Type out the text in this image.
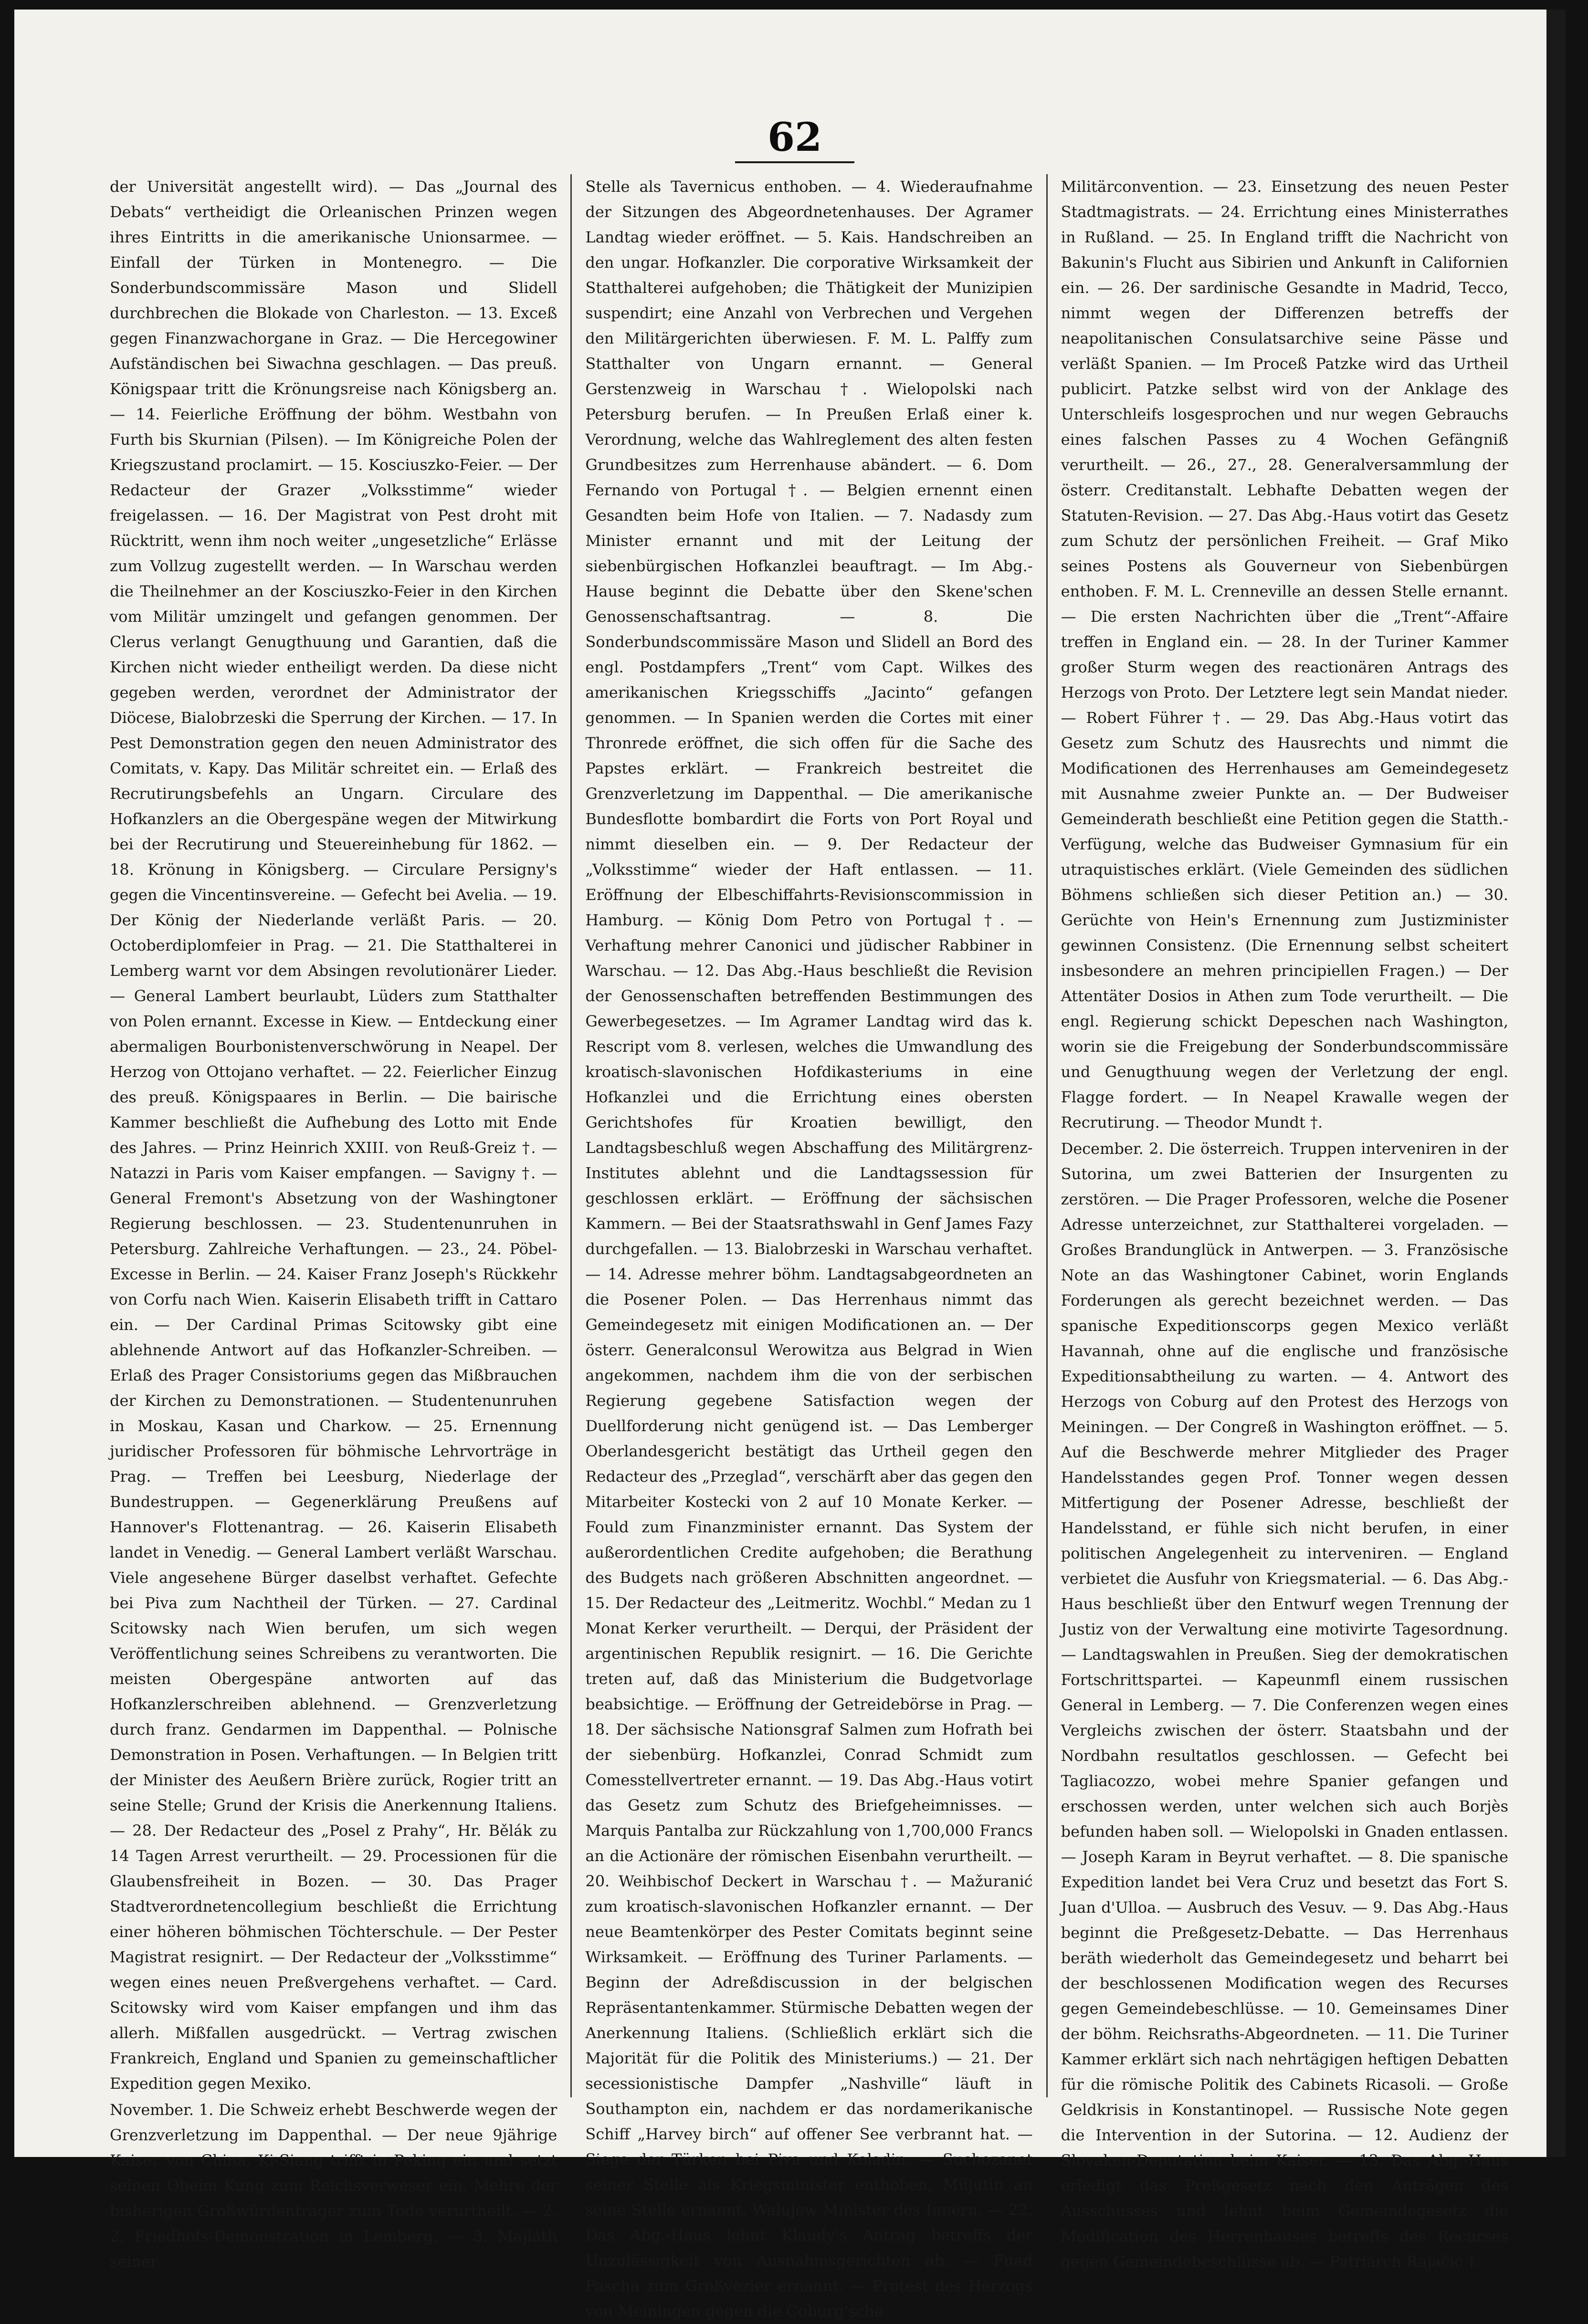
62

der Universität angestellt wird). — Das „Journal des Debats“ vertheidigt die Orleanischen Prinzen wegen ihres Eintritts in die amerikanische Unionsarmee. — Einfall der Türken in Montenegro. — Die Sonderbundscommissäre Mason und Slidell durchbrechen die Blokade von Charleston. — 13. Exceß gegen Finanzwachorgane in Graz. — Die Hercegowiner Aufständischen bei Siwachna geschlagen. — Das preuß. Königspaar tritt die Krönungsreise nach Königsberg an. — 14. Feierliche Eröffnung der böhm. Westbahn von Furth bis Skurnian (Pilsen). — Im Königreiche Polen der Kriegszustand proclamirt. — 15. Kosciuszko-Feier. — Der Redacteur der Grazer „Volksstimme“ wieder freigelassen. — 16. Der Magistrat von Pest droht mit Rücktritt, wenn ihm noch weiter „ungesetzliche“ Erlässe zum Vollzug zugestellt werden. — In Warschau werden die Theilnehmer an der Kosciuszko-Feier in den Kirchen vom Militär umzingelt und gefangen genommen. Der Clerus verlangt Genugthuung und Garantien, daß die Kirchen nicht wieder entheiligt werden. Da diese nicht gegeben werden, verordnet der Administrator der Diöcese, Bialobrzeski die Sperrung der Kirchen. — 17. In Pest Demonstration gegen den neuen Administrator des Comitats, v. Kapy. Das Militär schreitet ein. — Erlaß des Recrutirungsbefehls an Ungarn. Circulare des Hofkanzlers an die Obergespäne wegen der Mitwirkung bei der Recrutirung und Steuereinhebung für 1862. — 18. Krönung in Königsberg. — Circulare Persigny's gegen die Vincentinsvereine. — Gefecht bei Avelia. — 19. Der König der Niederlande verläßt Paris. — 20. Octoberdiplomfeier in Prag. — 21. Die Statthalterei in Lemberg warnt vor dem Absingen revolutionärer Lieder. — General Lambert beurlaubt, Lüders zum Statthalter von Polen ernannt. Excesse in Kiew. — Entdeckung einer abermaligen Bourbonistenverschwörung in Neapel. Der Herzog von Ottojano verhaftet. — 22. Feierlicher Einzug des preuß. Königspaares in Berlin. — Die bairische Kammer beschließt die Aufhebung des Lotto mit Ende des Jahres. — Prinz Heinrich XXIII. von Reuß-Greiz †. — Natazzi in Paris vom Kaiser empfangen. — Savigny †. — General Fremont's Absetzung von der Washingtoner Regierung beschlossen. — 23. Studentenunruhen in Petersburg. Zahlreiche Verhaftungen. — 23., 24. Pöbel-Excesse in Berlin. — 24. Kaiser Franz Joseph's Rückkehr von Corfu nach Wien. Kaiserin Elisabeth trifft in Cattaro ein. — Der Cardinal Primas Scitowsky gibt eine ablehnende Antwort auf das Hofkanzler-Schreiben. — Erlaß des Prager Consistoriums gegen das Mißbrauchen der Kirchen zu Demonstrationen. — Studentenunruhen in Moskau, Kasan und Charkow. — 25. Ernennung juridischer Professoren für böhmische Lehrvorträge in Prag. — Treffen bei Leesburg, Niederlage der Bundestruppen. — Gegenerklärung Preußens auf Hannover's Flottenantrag. — 26. Kaiserin Elisabeth landet in Venedig. — General Lambert verläßt Warschau. Viele angesehene Bürger daselbst verhaftet. Gefechte bei Piva zum Nachtheil der Türken. — 27. Cardinal Scitowsky nach Wien berufen, um sich wegen Veröffentlichung seines Schreibens zu verantworten. Die meisten Obergespäne antworten auf das Hofkanzlerschreiben ablehnend. — Grenzverletzung durch franz. Gendarmen im Dappenthal. — Polnische Demonstration in Posen. Verhaftungen. — In Belgien tritt der Minister des Aeußern Brière zurück, Rogier tritt an seine Stelle; Grund der Krisis die Anerkennung Italiens. — 28. Der Redacteur des „Posel z Prahy“, Hr. Bělák zu 14 Tagen Arrest verurtheilt. — 29. Processionen für die Glaubensfreiheit in Bozen. — 30. Das Prager Stadtverordnetencollegium beschließt die Errichtung einer höheren böhmischen Töchterschule. — Der Pester Magistrat resignirt. — Der Redacteur der „Volksstimme“ wegen eines neuen Preßvergehens verhaftet. — Card. Scitowsky wird vom Kaiser empfangen und ihm das allerh. Mißfallen ausgedrückt. — Vertrag zwischen Frankreich, England und Spanien zu gemeinschaftlicher Expedition gegen Mexiko.

November. 1. Die Schweiz erhebt Beschwerde wegen der Grenzverletzung im Dappenthal. — Der neue 9jährige Kaiser von China, Ki-Siang trifft in Peking ein und setzt seinen Oheim Kung zum Reichsverweser ein. Mehre der bisherigen Großwürdenträger zum Tode verurtheilt. — 2. 2. Friedhofs-Demonstration in Lemberg. — 3. Majláth seiner

Stelle als Tavernicus enthoben. — 4. Wiederaufnahme der Sitzungen des Abgeordnetenhauses. Der Agramer Landtag wieder eröffnet. — 5. Kais. Handschreiben an den ungar. Hofkanzler. Die corporative Wirksamkeit der Statthalterei aufgehoben; die Thätigkeit der Munizipien suspendirt; eine Anzahl von Verbrechen und Vergehen den Militärgerichten überwiesen. F. M. L. Palffy zum Statthalter von Ungarn ernannt. — General Gerstenzweig in Warschau †. Wielopolski nach Petersburg berufen. — In Preußen Erlaß einer k. Verordnung, welche das Wahlreglement des alten festen Grundbesitzes zum Herrenhause abändert. — 6. Dom Fernando von Portugal †. — Belgien ernennt einen Gesandten beim Hofe von Italien. — 7. Nadasdy zum Minister ernannt und mit der Leitung der siebenbürgischen Hofkanzlei beauftragt. — Im Abg.-Hause beginnt die Debatte über den Skene'schen Genossenschaftsantrag. — 8. Die Sonderbundscommissäre Mason und Slidell an Bord des engl. Postdampfers „Trent“ vom Capt. Wilkes des amerikanischen Kriegsschiffs „Jacinto“ gefangen genommen. — In Spanien werden die Cortes mit einer Thronrede eröffnet, die sich offen für die Sache des Papstes erklärt. — Frankreich bestreitet die Grenzverletzung im Dappenthal. — Die amerikanische Bundesflotte bombardirt die Forts von Port Royal und nimmt dieselben ein. — 9. Der Redacteur der „Volksstimme“ wieder der Haft entlassen. — 11. Eröffnung der Elbeschiffahrts-Revisionscommission in Hamburg. — König Dom Petro von Portugal †. — Verhaftung mehrer Canonici und jüdischer Rabbiner in Warschau. — 12. Das Abg.-Haus beschließt die Revision der Genossenschaften betreffenden Bestimmungen des Gewerbegesetzes. — Im Agramer Landtag wird das k. Rescript vom 8. verlesen, welches die Umwandlung des kroatisch-slavonischen Hofdikasteriums in eine Hofkanzlei und die Errichtung eines obersten Gerichtshofes für Kroatien bewilligt, den Landtagsbeschluß wegen Abschaffung des Militärgrenz-Institutes ablehnt und die Landtagssession für geschlossen erklärt. — Eröffnung der sächsischen Kammern. — Bei der Staatsrathswahl in Genf James Fazy durchgefallen. — 13. Bialobrzeski in Warschau verhaftet. — 14. Adresse mehrer böhm. Landtagsabgeordneten an die Posener Polen. — Das Herrenhaus nimmt das Gemeindegesetz mit einigen Modificationen an. — Der österr. Generalconsul Werowitza aus Belgrad in Wien angekommen, nachdem ihm die von der serbischen Regierung gegebene Satisfaction wegen der Duellforderung nicht genügend ist. — Das Lemberger Oberlandesgericht bestätigt das Urtheil gegen den Redacteur des „Przeglad“, verschärft aber das gegen den Mitarbeiter Kostecki von 2 auf 10 Monate Kerker. — Fould zum Finanzminister ernannt. Das System der außerordentlichen Credite aufgehoben; die Berathung des Budgets nach größeren Abschnitten angeordnet. — 15. Der Redacteur des „Leitmeritz. Wochbl.“ Medan zu 1 Monat Kerker verurtheilt. — Derqui, der Präsident der argentinischen Republik resignirt. — 16. Die Gerichte treten auf, daß das Ministerium die Budgetvorlage beabsichtige. — Eröffnung der Getreidebörse in Prag. — 18. Der sächsische Nationsgraf Salmen zum Hofrath bei der siebenbürg. Hofkanzlei, Conrad Schmidt zum Comesstellvertreter ernannt. — 19. Das Abg.-Haus votirt das Gesetz zum Schutz des Briefgeheimnisses. — Marquis Pantalba zur Rückzahlung von 1,700,000 Francs an die Actionäre der römischen Eisenbahn verurtheilt. — 20. Weihbischof Deckert in Warschau †. — Mažuranić zum kroatisch-slavonischen Hofkanzler ernannt. — Der neue Beamtenkörper des Pester Comitats beginnt seine Wirksamkeit. — Eröffnung des Turiner Parlaments. — Beginn der Adreßdiscussion in der belgischen Repräsentantenkammer. Stürmische Debatten wegen der Anerkennung Italiens. (Schließlich erklärt sich die Majorität für die Politik des Ministeriums.) — 21. Der secessionistische Dampfer „Nashville“ läuft in Southampton ein, nachdem er das nordamerikanische Schiff „Harvey birch“ auf offener See verbrannt hat. — Siege der Türken bei Piva und Koladin. — Suchozanet seiner Stelle als Kriegsminister enthoben, Miljutin an seine Stelle ernannt. Walujew Minister des Innern. — 22. Das Abg.-Haus lehnt Klaudy's Antrag betreffs der Unzulässigkeit von Ausnahmsgerichten ab. — Fuad Pascha zum Großvezier ernannt. — Protest des Herzogs von Meiningen gegen die Coburg'sche

Militärconvention. — 23. Einsetzung des neuen Pester Stadtmagistrats. — 24. Errichtung eines Ministerrathes in Rußland. — 25. In England trifft die Nachricht von Bakunin's Flucht aus Sibirien und Ankunft in Californien ein. — 26. Der sardinische Gesandte in Madrid, Tecco, nimmt wegen der Differenzen betreffs der neapolitanischen Consulatsarchive seine Pässe und verläßt Spanien. — Im Proceß Patzke wird das Urtheil publicirt. Patzke selbst wird von der Anklage des Unterschleifs losgesprochen und nur wegen Gebrauchs eines falschen Passes zu 4 Wochen Gefängniß verurtheilt. — 26., 27., 28. Generalversammlung der österr. Creditanstalt. Lebhafte Debatten wegen der Statuten-Revision. — 27. Das Abg.-Haus votirt das Gesetz zum Schutz der persönlichen Freiheit. — Graf Miko seines Postens als Gouverneur von Siebenbürgen enthoben. F. M. L. Crenneville an dessen Stelle ernannt. — Die ersten Nachrichten über die „Trent“-Affaire treffen in England ein. — 28. In der Turiner Kammer großer Sturm wegen des reactionären Antrags des Herzogs von Proto. Der Letztere legt sein Mandat nieder. — Robert Führer †. — 29. Das Abg.-Haus votirt das Gesetz zum Schutz des Hausrechts und nimmt die Modificationen des Herrenhauses am Gemeindegesetz mit Ausnahme zweier Punkte an. — Der Budweiser Gemeinderath beschließt eine Petition gegen die Statth.-Verfügung, welche das Budweiser Gymnasium für ein utraquistisches erklärt. (Viele Gemeinden des südlichen Böhmens schließen sich dieser Petition an.) — 30. Gerüchte von Hein's Ernennung zum Justizminister gewinnen Consistenz. (Die Ernennung selbst scheitert insbesondere an mehren principiellen Fragen.) — Der Attentäter Dosios in Athen zum Tode verurtheilt. — Die engl. Regierung schickt Depeschen nach Washington, worin sie die Freigebung der Sonderbundscommissäre und Genugthuung wegen der Verletzung der engl. Flagge fordert. — In Neapel Krawalle wegen der Recrutirung. — Theodor Mundt †.

December. 2. Die österreich. Truppen interveniren in der Sutorina, um zwei Batterien der Insurgenten zu zerstören. — Die Prager Professoren, welche die Posener Adresse unterzeichnet, zur Statthalterei vorgeladen. — Großes Brandunglück in Antwerpen. — 3. Französische Note an das Washingtoner Cabinet, worin Englands Forderungen als gerecht bezeichnet werden. — Das spanische Expeditionscorps gegen Mexico verläßt Havannah, ohne auf die englische und französische Expeditionsabtheilung zu warten. — 4. Antwort des Herzogs von Coburg auf den Protest des Herzogs von Meiningen. — Der Congreß in Washington eröffnet. — 5. Auf die Beschwerde mehrer Mitglieder des Prager Handelsstandes gegen Prof. Tonner wegen dessen Mitfertigung der Posener Adresse, beschließt der Handelsstand, er fühle sich nicht berufen, in einer politischen Angelegenheit zu interveniren. — England verbietet die Ausfuhr von Kriegsmaterial. — 6. Das Abg.-Haus beschließt über den Entwurf wegen Trennung der Justiz von der Verwaltung eine motivirte Tagesordnung. — Landtagswahlen in Preußen. Sieg der demokratischen Fortschrittspartei. — Kapeunmfl einem russischen General in Lemberg. — 7. Die Conferenzen wegen eines Vergleichs zwischen der österr. Staatsbahn und der Nordbahn resultatlos geschlossen. — Gefecht bei Tagliacozzo, wobei mehre Spanier gefangen und erschossen werden, unter welchen sich auch Borjès befunden haben soll. — Wielopolski in Gnaden entlassen. — Joseph Karam in Beyrut verhaftet. — 8. Die spanische Expedition landet bei Vera Cruz und besetzt das Fort S. Juan d'Ulloa. — Ausbruch des Vesuv. — 9. Das Abg.-Haus beginnt die Preßgesetz-Debatte. — Das Herrenhaus beräth wiederholt das Gemeindegesetz und beharrt bei der beschlossenen Modification wegen des Recurses gegen Gemeindebeschlüsse. — 10. Gemeinsames Diner der böhm. Reichsraths-Abgeordneten. — 11. Die Turiner Kammer erklärt sich nach nehrtägigen heftigen Debatten für die römische Politik des Cabinets Ricasoli. — Große Geldkrisis in Konstantinopel. — Russische Note gegen die Intervention in der Sutorina. — 12. Audienz der Slovaken-Deputation beim Kaiser. — 13. Das Abg.-Haus erledigt das Preßgesetz nach den Anträgen des Ausschusses und lehnt beim Gemeindegesetz die Modification des Herrenhauses betreffs des Recurses gegen Gemeindebeschlüsse ab. — Patriarch Rajačić †.
